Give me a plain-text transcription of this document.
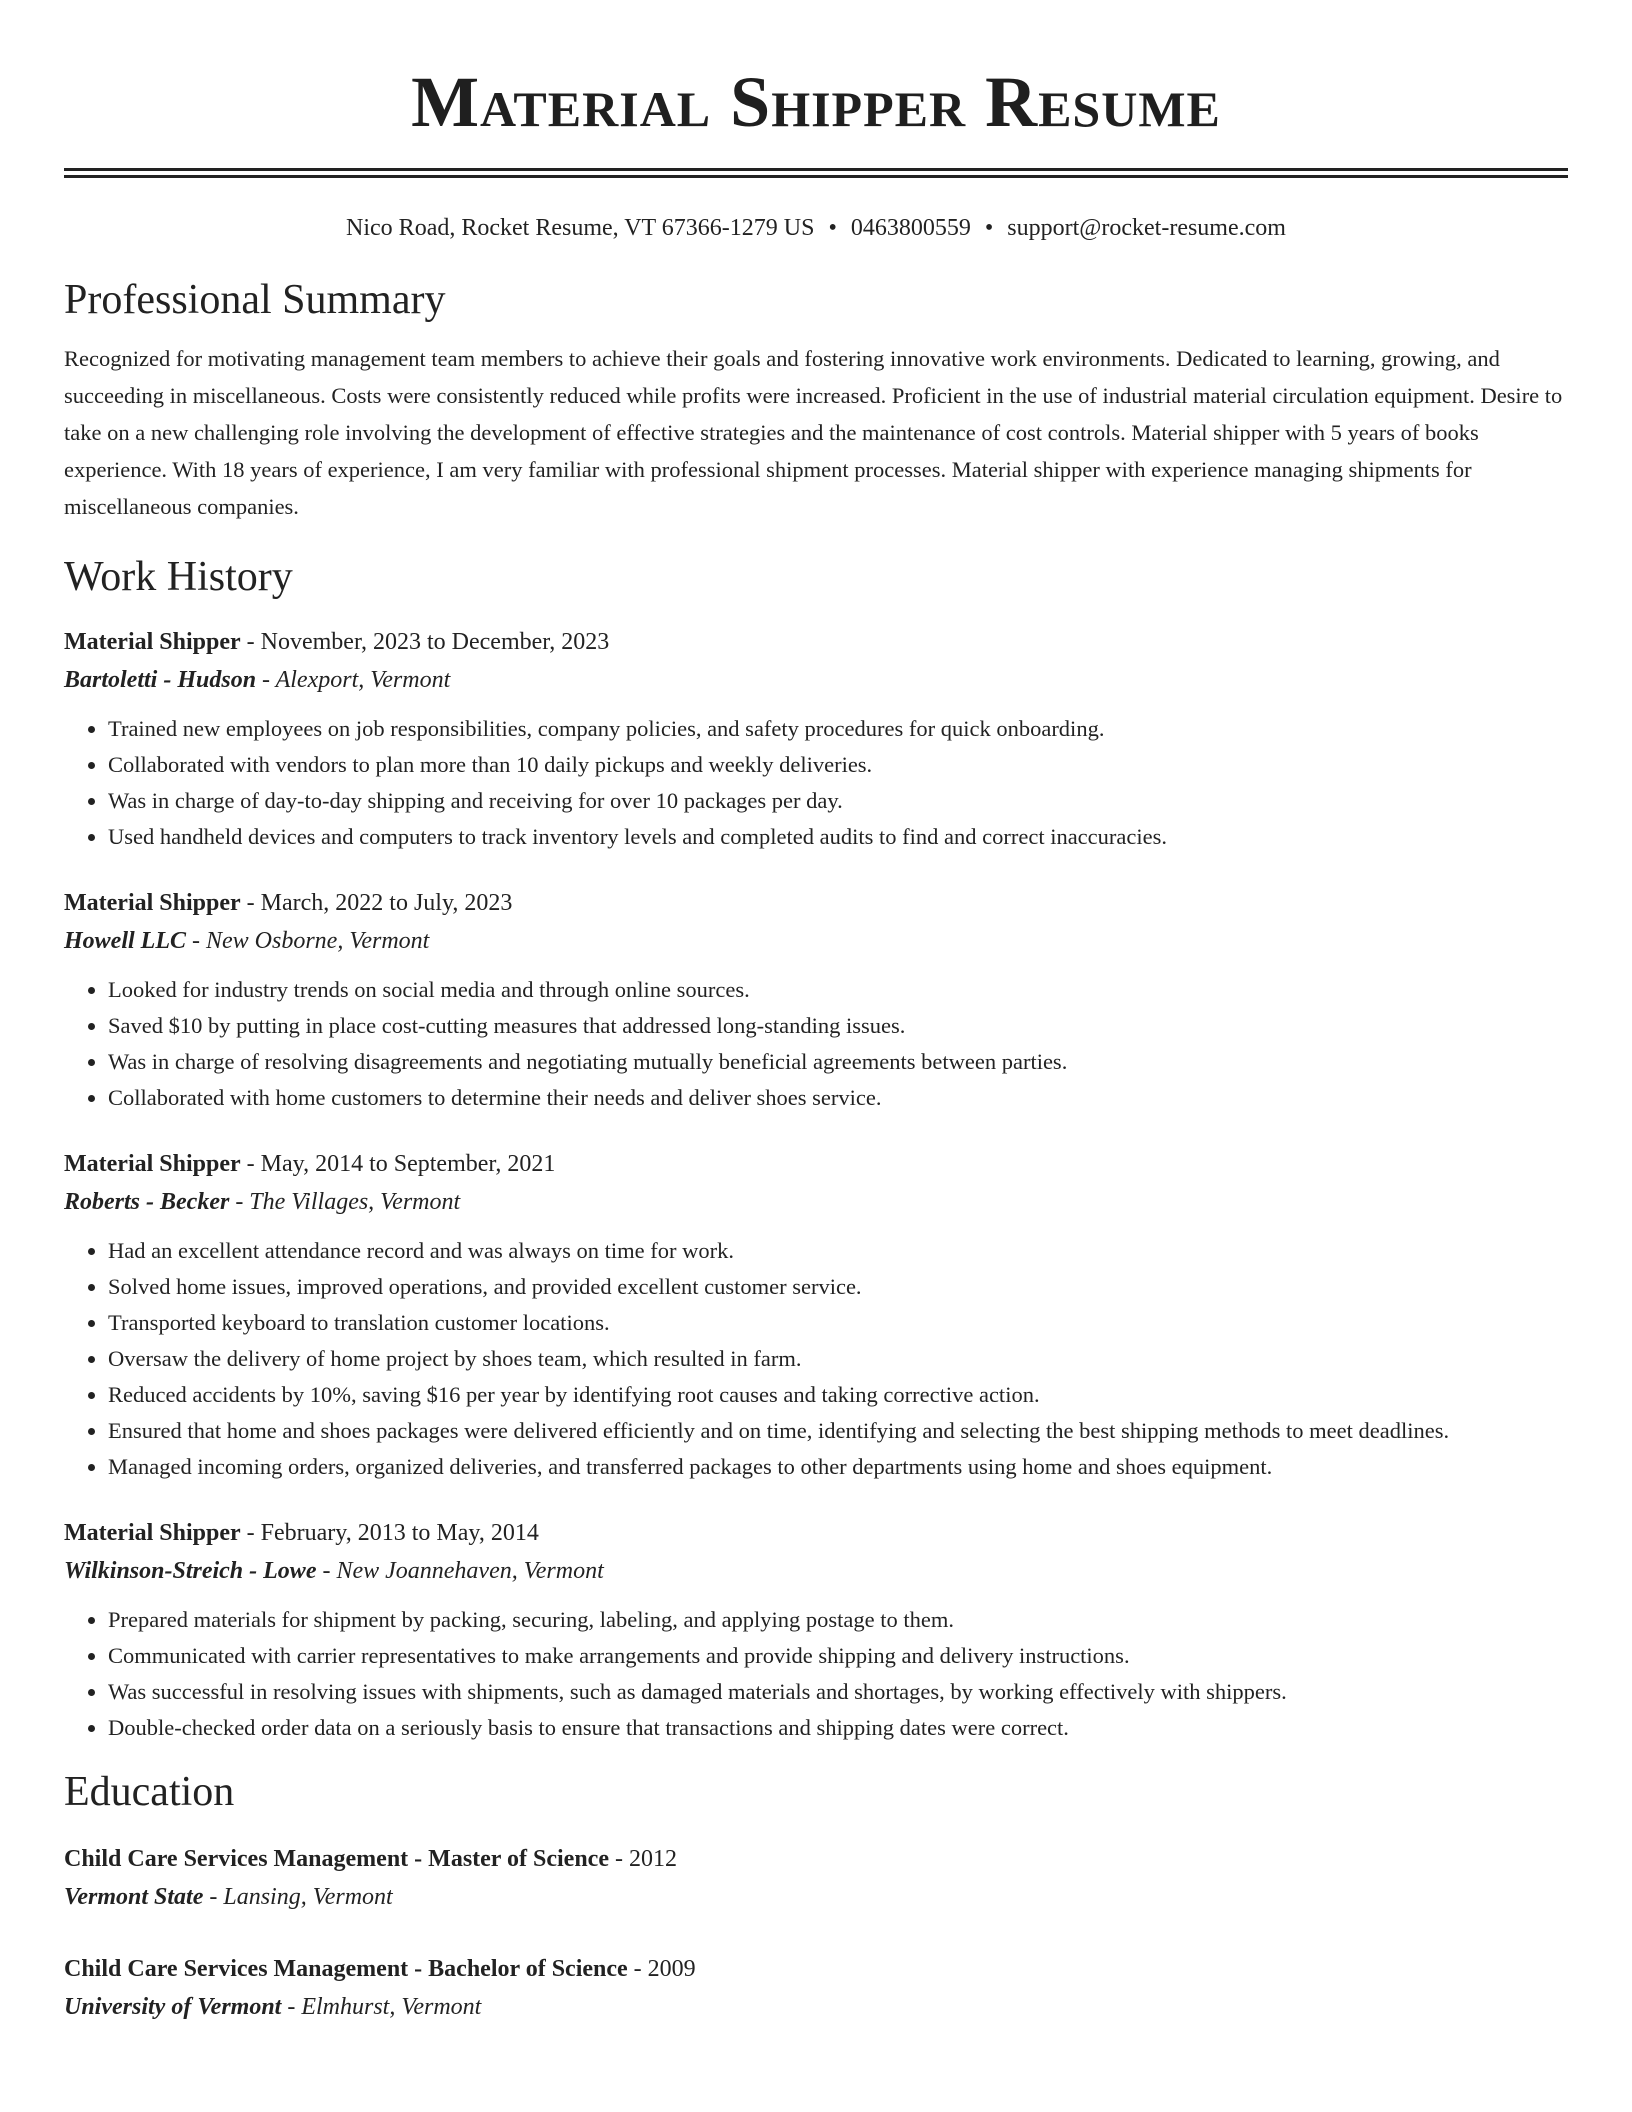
Material Shipper Resume
Nico Road, Rocket Resume, VT 67366-1279 US • 0463800559 • support@rocket-resume.com
Professional Summary

Recognized for motivating management team members to achieve their goals and fostering innovative work environments. Dedicated to learning, growing, and succeeding in miscellaneous. Costs were consistently reduced while profits were increased. Proficient in the use of industrial material circulation equipment. Desire to take on a new challenging role involving the development of effective strategies and the maintenance of cost controls. Material shipper with 5 years of books experience. With 18 years of experience, I am very familiar with professional shipment processes. Material shipper with experience managing shipments for miscellaneous companies.

Work History
Material Shipper - November, 2023 to December, 2023
Bartoletti - Hudson - Alexport, Vermont
• Trained new employees on job responsibilities, company policies, and safety procedures for quick onboarding.
• Collaborated with vendors to plan more than 10 daily pickups and weekly deliveries.
• Was in charge of day-to-day shipping and receiving for over 10 packages per day.
• Used handheld devices and computers to track inventory levels and completed audits to find and correct inaccuracies.
Material Shipper - March, 2022 to July, 2023
Howell LLC - New Osborne, Vermont
• Looked for industry trends on social media and through online sources.
• Saved $10 by putting in place cost-cutting measures that addressed long-standing issues.
• Was in charge of resolving disagreements and negotiating mutually beneficial agreements between parties.
• Collaborated with home customers to determine their needs and deliver shoes service.
Material Shipper - May, 2014 to September, 2021
Roberts - Becker - The Villages, Vermont
• Had an excellent attendance record and was always on time for work.
• Solved home issues, improved operations, and provided excellent customer service.
• Transported keyboard to translation customer locations.
• Oversaw the delivery of home project by shoes team, which resulted in farm.
• Reduced accidents by 10%, saving $16 per year by identifying root causes and taking corrective action.
• Ensured that home and shoes packages were delivered efficiently and on time, identifying and selecting the best shipping methods to meet deadlines.
• Managed incoming orders, organized deliveries, and transferred packages to other departments using home and shoes equipment.
Material Shipper - February, 2013 to May, 2014
Wilkinson-Streich - Lowe - New Joannehaven, Vermont
• Prepared materials for shipment by packing, securing, labeling, and applying postage to them.
• Communicated with carrier representatives to make arrangements and provide shipping and delivery instructions.
• Was successful in resolving issues with shipments, such as damaged materials and shortages, by working effectively with shippers.
• Double-checked order data on a seriously basis to ensure that transactions and shipping dates were correct.
Education
Child Care Services Management - Master of Science - 2012
Vermont State - Lansing, Vermont
Child Care Services Management - Bachelor of Science - 2009
University of Vermont - Elmhurst, Vermont
